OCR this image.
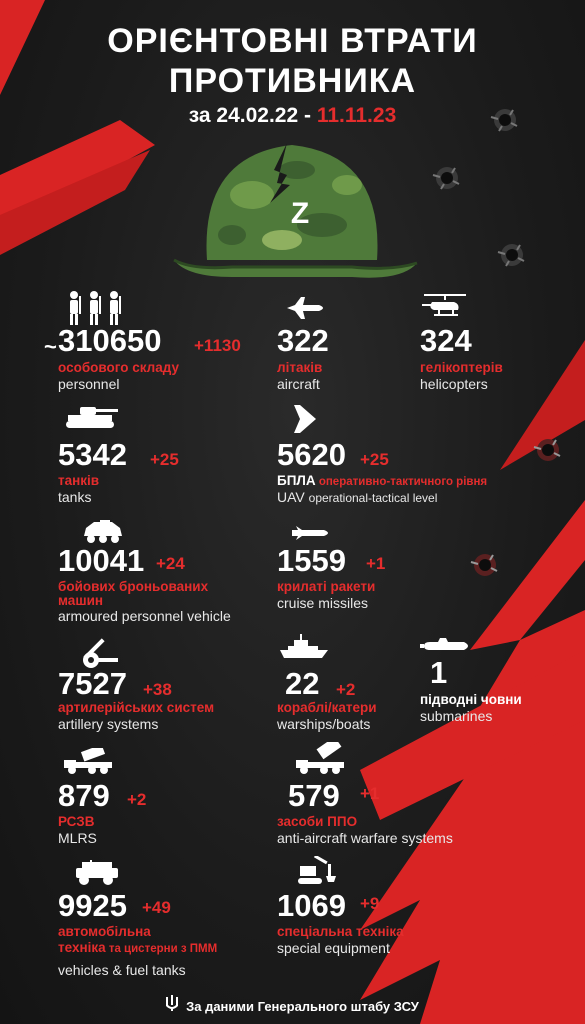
Z
ОРІЄНТОВНІ ВТРАТИ
ПРОТИВНИКА
за 24.02.22 - 11.11.23
~ 310650 +1130
особового складу
personnel
322
літаків
aircraft
324
гелікоптерів
helicopters
5342 +25
танків
tanks
5620 +25
БПЛА оперативно-тактичного рівня
UAV operational-tactical level
10041 +24
бойових броньованих
машин
armoured personnel vehicle
1559 +1
крилаті ракети
cruise missiles
7527 +38
артилерійських систем
artillery systems
22 +2
кораблі/катери
warships/boats
1
підводні човни
submarines
879 +2
РСЗВ
MLRS
579 +1
засоби ППО
anti-aircraft warfare systems
9925 +49
автомобільна
техніка та цистерни з ПММ
vehicles & fuel tanks
1069 +9
спеціальна техніка
special equipment
За даними Генерального штабу ЗСУ
